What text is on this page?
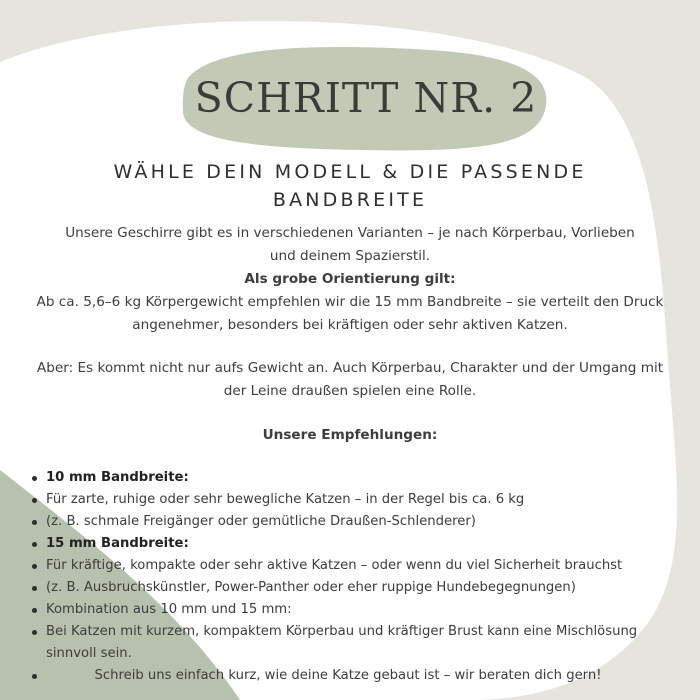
SCHRITT NR. 2
WÄHLE DEIN MODELL & DIE PASSENDE
BANDBREITE

Unsere Geschirre gibt es in verschiedenen Varianten – je nach Körperbau, Vorlieben
und deinem Spazierstil.
Als grobe Orientierung gilt:
Ab ca. 5,6–6 kg Körpergewicht empfehlen wir die 15 mm Bandbreite – sie verteilt den Druck
angenehmer, besonders bei kräftigen oder sehr aktiven Katzen.

Aber: Es kommt nicht nur aufs Gewicht an. Auch Körperbau, Charakter und der Umgang mit
der Leine draußen spielen eine Rolle.

Unsere Empfehlungen:

10 mm Bandbreite:
Für zarte, ruhige oder sehr bewegliche Katzen – in der Regel bis ca. 6 kg
(z. B. schmale Freigänger oder gemütliche Draußen-Schlenderer)
15 mm Bandbreite:
Für kräftige, kompakte oder sehr aktive Katzen – oder wenn du viel Sicherheit brauchst
(z. B. Ausbruchskünstler, Power-Panther oder eher ruppige Hundebegegnungen)
Kombination aus 10 mm und 15 mm:
Bei Katzen mit kurzem, kompaktem Körperbau und kräftiger Brust kann eine Mischlösung
sinnvoll sein.
Schreib uns einfach kurz, wie deine Katze gebaut ist – wir beraten dich gern!
